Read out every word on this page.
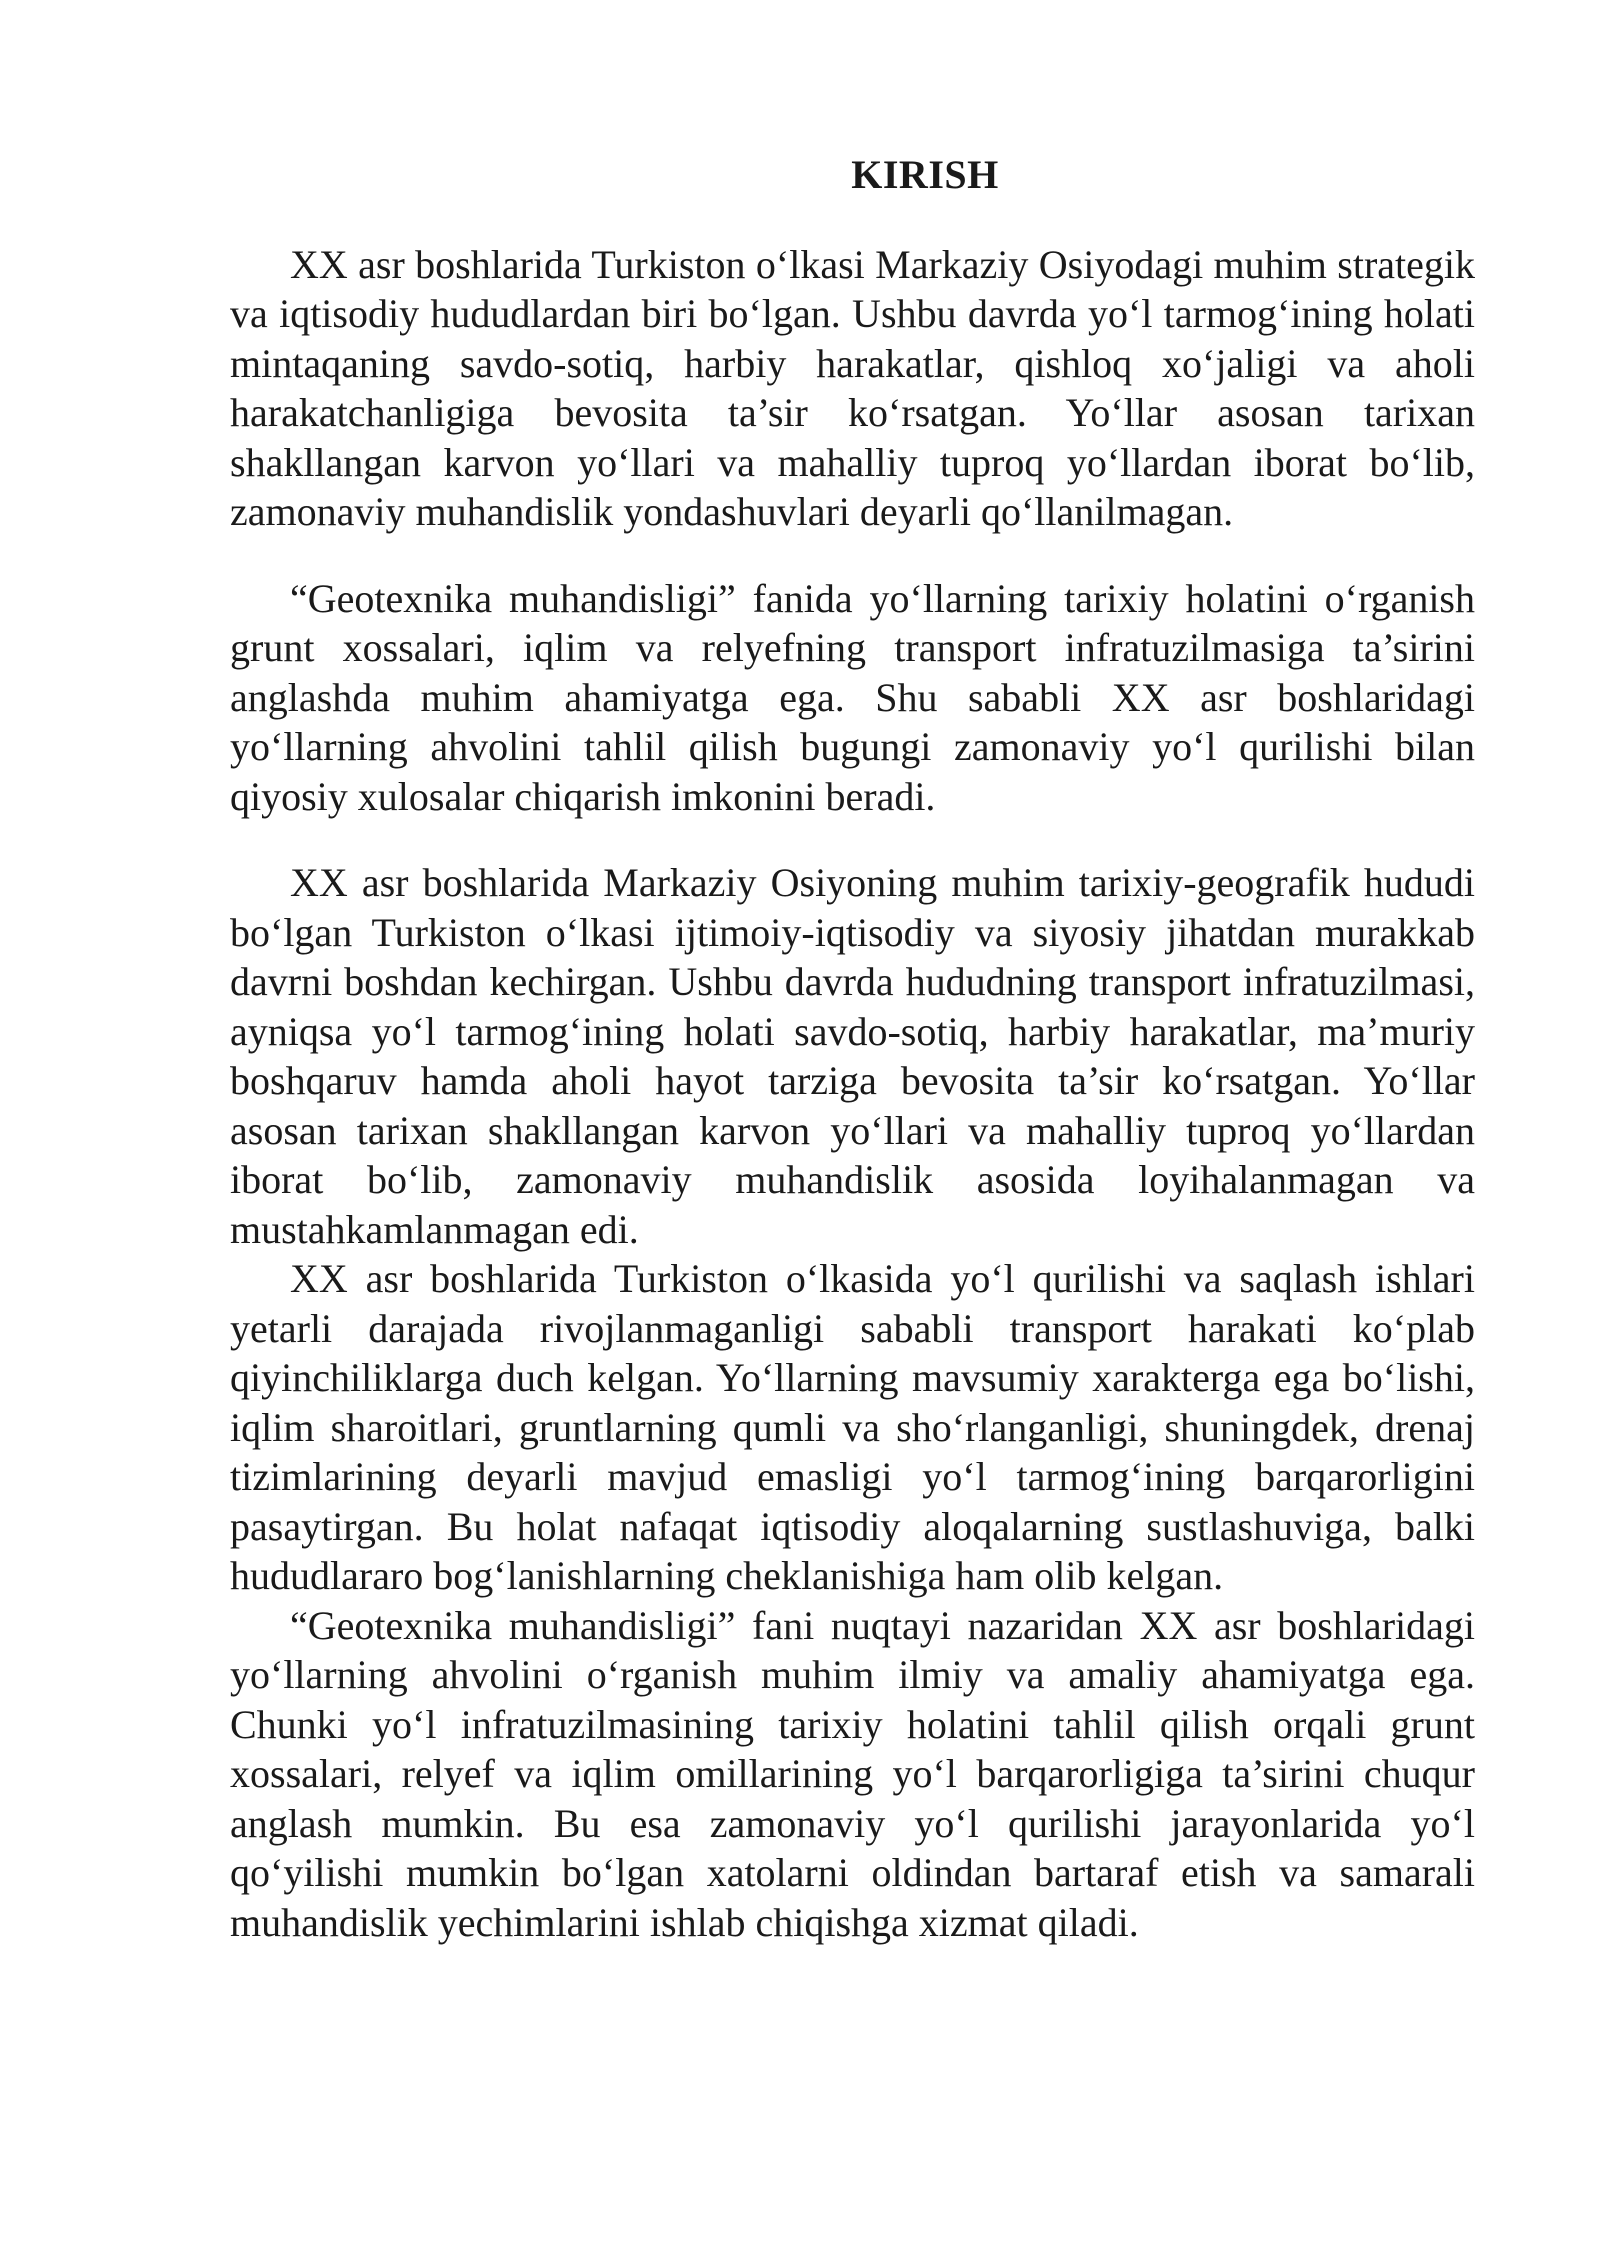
KIRISH

XX asr boshlarida Turkiston o‘lkasi Markaziy Osiyodagi muhim strategik va iqtisodiy hududlardan biri bo‘lgan. Ushbu davrda yo‘l tarmog‘ining holati mintaqaning savdo-sotiq, harbiy harakatlar, qishloq xo‘jaligi va aholi harakatchanligiga bevosita ta’sir ko‘rsatgan. Yo‘llar asosan tarixan shakllangan karvon yo‘llari va mahalliy tuproq yo‘llardan iborat bo‘lib, zamonaviy muhandislik yondashuvlari deyarli qo‘llanilmagan.

“Geotexnika muhandisligi” fanida yo‘llarning tarixiy holatini o‘rganish grunt xossalari, iqlim va relyefning transport infratuzilmasiga ta’sirini anglashda muhim ahamiyatga ega. Shu sababli XX asr boshlaridagi yo‘llarning ahvolini tahlil qilish bugungi zamonaviy yo‘l qurilishi bilan qiyosiy xulosalar chiqarish imkonini beradi.

XX asr boshlarida Markaziy Osiyoning muhim tarixiy-geografik hududi bo‘lgan Turkiston o‘lkasi ijtimoiy-iqtisodiy va siyosiy jihatdan murakkab davrni boshdan kechirgan. Ushbu davrda hududning transport infratuzilmasi, ayniqsa yo‘l tarmog‘ining holati savdo-sotiq, harbiy harakatlar, ma’muriy boshqaruv hamda aholi hayot tarziga bevosita ta’sir ko‘rsatgan. Yo‘llar asosan tarixan shakllangan karvon yo‘llari va mahalliy tuproq yo‘llardan iborat bo‘lib, zamonaviy muhandislik asosida loyihalanmagan va mustahkamlanmagan edi.

XX asr boshlarida Turkiston o‘lkasida yo‘l qurilishi va saqlash ishlari yetarli darajada rivojlanmaganligi sababli transport harakati ko‘plab qiyinchiliklarga duch kelgan. Yo‘llarning mavsumiy xarakterga ega bo‘lishi, iqlim sharoitlari, gruntlarning qumli va sho‘rlanganligi, shuningdek, drenaj tizimlarining deyarli mavjud emasligi yo‘l tarmog‘ining barqarorligini pasaytirgan. Bu holat nafaqat iqtisodiy aloqalarning sustlashuviga, balki hududlararo bog‘lanishlarning cheklanishiga ham olib kelgan.

“Geotexnika muhandisligi” fani nuqtayi nazaridan XX asr boshlaridagi yo‘llarning ahvolini o‘rganish muhim ilmiy va amaliy ahamiyatga ega. Chunki yo‘l infratuzilmasining tarixiy holatini tahlil qilish orqali grunt xossalari, relyef va iqlim omillarining yo‘l barqarorligiga ta’sirini chuqur anglash mumkin. Bu esa zamonaviy yo‘l qurilishi jarayonlarida yo‘l qo‘yilishi mumkin bo‘lgan xatolarni oldindan bartaraf etish va samarali muhandislik yechimlarini ishlab chiqishga xizmat qiladi.
